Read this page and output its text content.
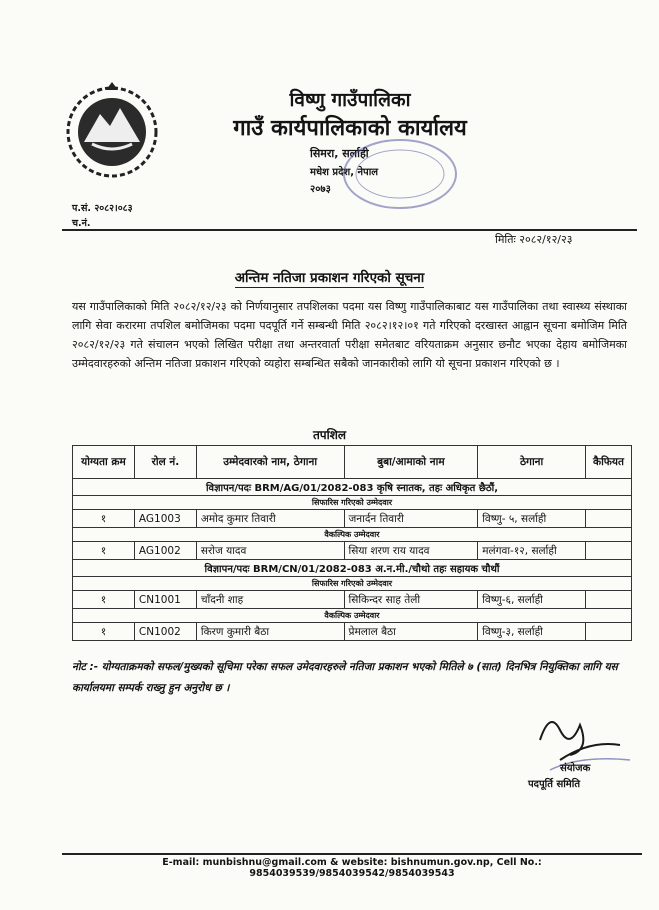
विष्णु गाउँपालिका
गाउँ कार्यपालिकाको कार्यालय
सिमरा, सर्लाही
मधेश प्रदेश, नेपाल
२०७३
प.सं. २०८२।०८३
च.नं.
मितिः २०८२/१२/२३
अन्तिम नतिजा प्रकाशन गरिएको सूचना
यस गाउँपालिकाको मिति २०८२/१२/२३ को निर्णयानुसार तपशिलका पदमा यस विष्णु गाउँपालिकाबाट यस गाउँपालिका तथा स्वास्थ्य संस्थाका लागि सेवा करारमा तपशिल बमोजिमका पदमा पदपूर्ति गर्ने सम्बन्धी मिति २०८२।१२।०१ गते गरिएको दरखास्त आह्वान सूचना बमोजिम मिति २०८२/१२/२३ गते संचालन भएको लिखित परीक्षा तथा अन्तरवार्ता परीक्षा समेतबाट वरियताक्रम अनुसार छनौट भएका देहाय बमोजिमका उम्मेदवारहरुको अन्तिम नतिजा प्रकाशन गरिएको व्यहोरा सम्बन्धित सबैको जानकारीको लागि यो सूचना प्रकाशन गरिएको छ ।
तपशिल
योग्यता क्रम	रोल नं.	उम्मेदवारको नाम, ठेगाना	बुबा/आमाको नाम	ठेगाना	कैफियत
विज्ञापन/पदः BRM/AG/01/2082-083 कृषि स्नातक, तहः अधिकृत छैठौं,					
सिफारिस गरिएको उम्मेदवार					
१	AG1003	अमोद कुमार तिवारी	जनार्दन तिवारी	विष्णु- ५, सर्लाही	
वैकल्पिक उम्मेदवार					
१	AG1002	सरोज यादव	सिया शरण राय यादव	मलंगवा-१२, सर्लाही	
विज्ञापन/पदः BRM/CN/01/2082-083 अ.न.मी./चौथो तहः सहायक चौथौं					
सिफारिस गरिएको उम्मेदवार					
१	CN1001	चाँदनी शाह	सिकिन्दर साह तेली	विष्णु-६, सर्लाही	
वैकल्पिक उम्मेदवार					
१	CN1002	किरण कुमारी बैठा	प्रेमलाल बैठा	विष्णु-३, सर्लाही	
नोट :- योग्यताक्रमको सफल/मुख्यको सूचिमा परेका सफल उमेदवारहरुले नतिजा प्रकाशन भएको मितिले ७ (सात) दिनभित्र नियुक्तिका लागि यस कार्यालयमा सम्पर्क राख्नु हुन अनुरोध छ ।
संयोजक
पदपूर्ति समिति
E-mail: munbishnu@gmail.com & website: bishnumun.gov.np, Cell No.: 9854039539/9854039542/9854039543
